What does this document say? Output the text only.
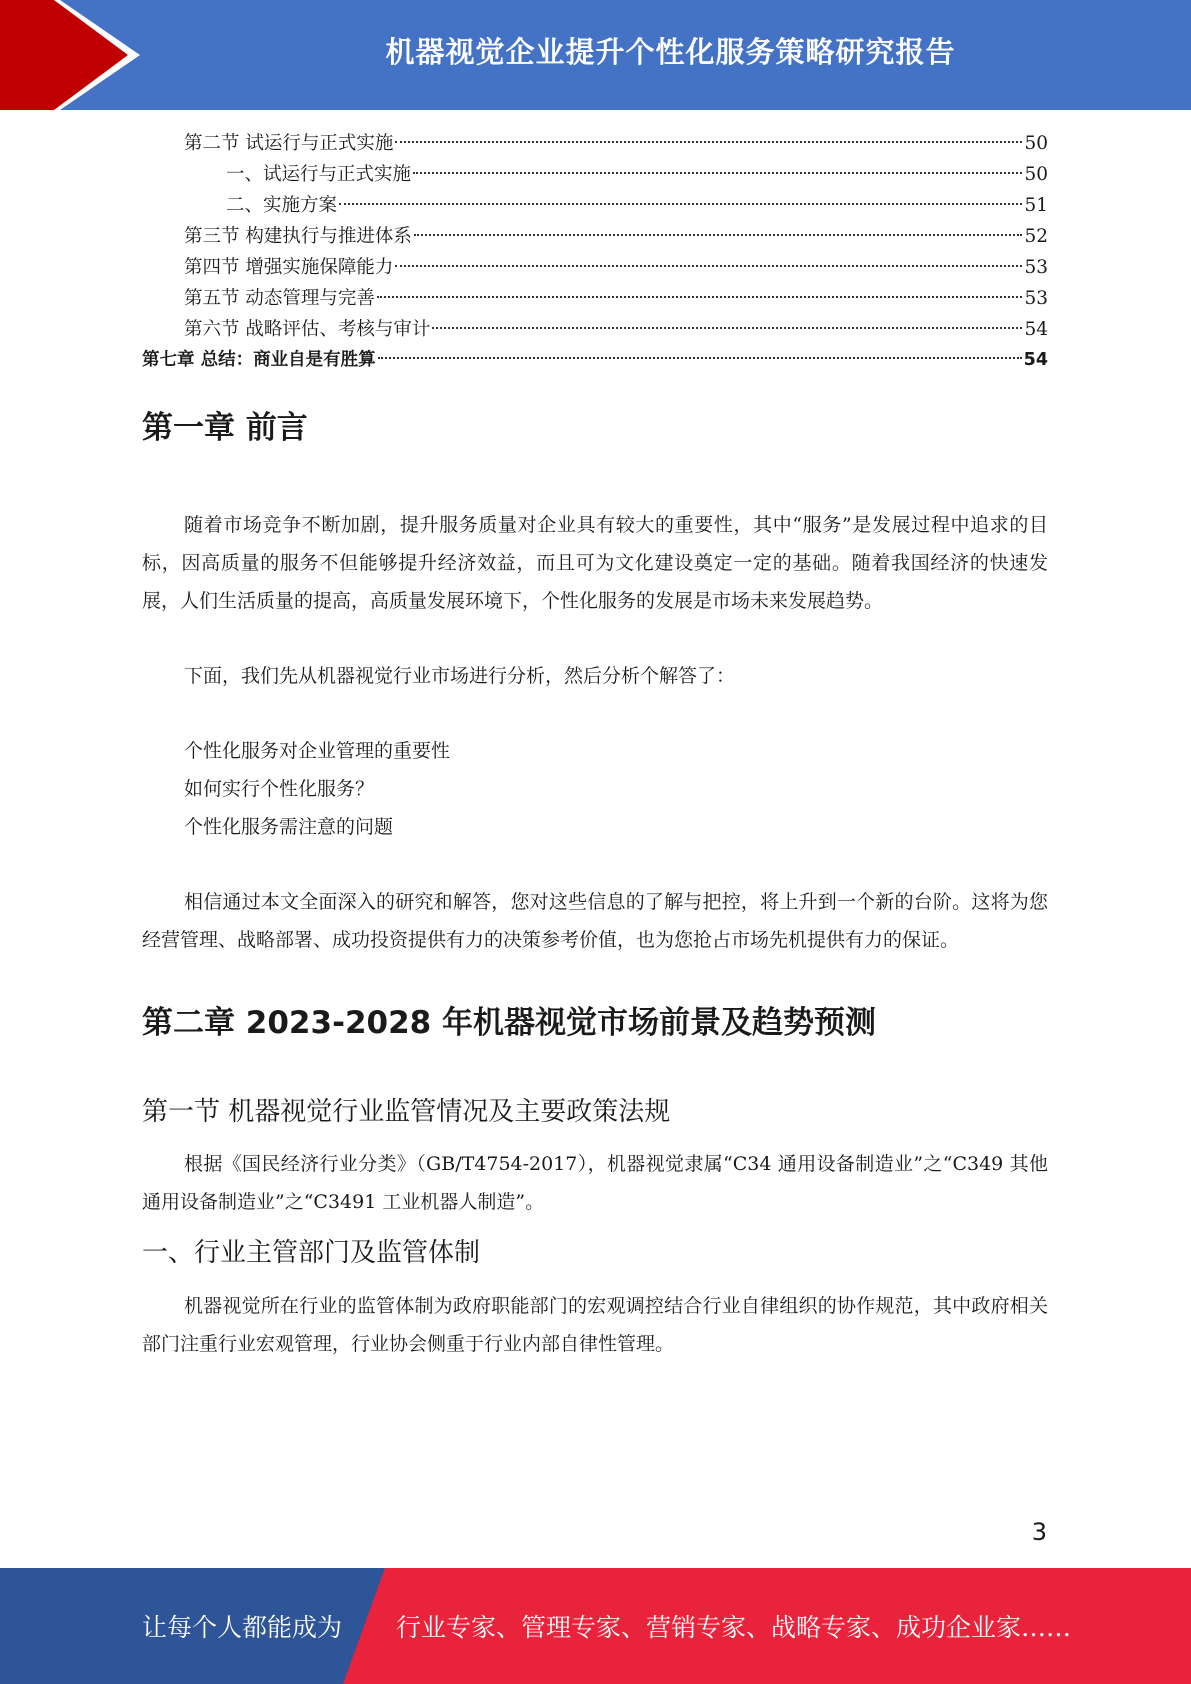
机器视觉企业提升个性化服务策略研究报告
第二节 试运行与正式实施	50
一、试运行与正式实施	50
二、实施方案	51
第三节 构建执行与推进体系	52
第四节 增强实施保障能力	53
第五节 动态管理与完善	53
第六节 战略评估、考核与审计	54
第七章 总结：商业自是有胜算	54
第一章 前言

随着市场竞争不断加剧，提升服务质量对企业具有较大的重要性，其中“服务”是发展过程中追求的目标，因高质量的服务不但能够提升经济效益，而且可为文化建设奠定一定的基础。随着我国经济的快速发展，人们生活质量的提高，高质量发展环境下，个性化服务的发展是市场未来发展趋势。

下面，我们先从机器视觉行业市场进行分析，然后分析个解答了：

个性化服务对企业管理的重要性

如何实行个性化服务？

个性化服务需注意的问题

相信通过本文全面深入的研究和解答，您对这些信息的了解与把控，将上升到一个新的台阶。这将为您经营管理、战略部署、成功投资提供有力的决策参考价值，也为您抢占市场先机提供有力的保证。

第二章 2023-2028 年机器视觉市场前景及趋势预测
第一节 机器视觉行业监管情况及主要政策法规

根据《国民经济行业分类》（GB/T4754-2017），机器视觉隶属“C34 通用设备制造业”之“C349 其他通用设备制造业”之“C3491 工业机器人制造”。

一、行业主管部门及监管体制

机器视觉所在行业的监管体制为政府职能部门的宏观调控结合行业自律组织的协作规范，其中政府相关部门注重行业宏观管理，行业协会侧重于行业内部自律性管理。

3
让每个人都能成为 行业专家、管理专家、营销专家、战略专家、成功企业家……
